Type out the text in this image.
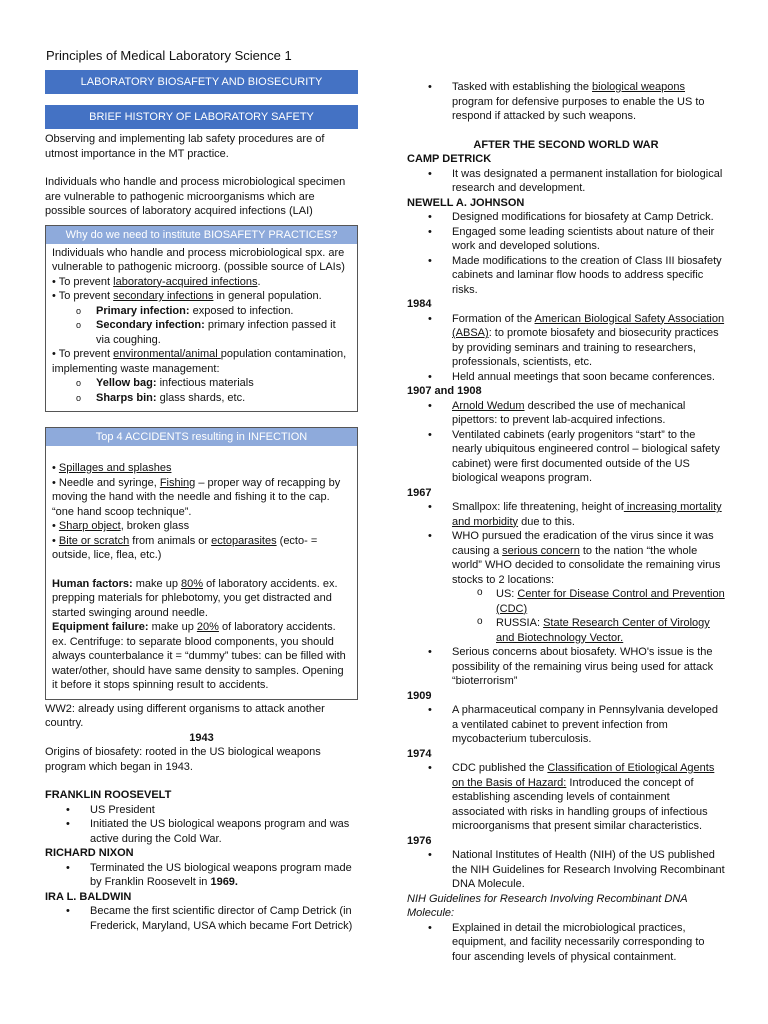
Principles of Medical Laboratory Science 1
LABORATORY BIOSAFETY AND BIOSECURITY
BRIEF HISTORY OF LABORATORY SAFETY

Observing and implementing lab safety procedures are of utmost importance in the MT practice.

Individuals who handle and process microbiological specimen are vulnerable to pathogenic microorganisms which are possible sources of laboratory acquired infections (LAI)

Why do we need to institute BIOSAFETY PRACTICES?

Individuals who handle and process microbiological spx. are vulnerable to pathogenic microorg. (possible source of LAIs)

• To prevent laboratory-acquired infections.

• To prevent secondary infections in general population.

o	Primary infection: exposed to infection.
o	Secondary infection: primary infection passed it via coughing.

• To prevent environmental/animal population contamination, implementing waste management:

o	Yellow bag: infectious materials
o	Sharps bin: glass shards, etc.
Top 4 ACCIDENTS resulting in INFECTION

• Spillages and splashes

• Needle and syringe, Fishing – proper way of recapping by moving the hand with the needle and fishing it to the cap. “one hand scoop technique”.

• Sharp object, broken glass

• Bite or scratch from animals or ectoparasites (ecto- = outside, lice, flea, etc.)

Human factors: make up 80% of laboratory accidents. ex. prepping materials for phlebotomy, you get distracted and started swinging around needle.

Equipment failure: make up 20% of laboratory accidents. ex. Centrifuge: to separate blood components, you should always counterbalance it = “dummy” tubes: can be filled with water/other, should have same density to samples. Opening it before it stops spinning result to accidents.

WW2: already using different organisms to attack another country.

1943

Origins of biosafety: rooted in the US biological weapons program which began in 1943.

FRANKLIN ROOSEVELT

• US President
• Initiated the US biological weapons program and was active during the Cold War.

RICHARD NIXON

• Terminated the US biological weapons program made by Franklin Roosevelt in 1969.

IRA L. BALDWIN

• Became the first scientific director of Camp Detrick (in Frederick, Maryland, USA which became Fort Detrick)
• Tasked with establishing the biological weapons program for defensive purposes to enable the US to respond if attacked by such weapons.

AFTER THE SECOND WORLD WAR

CAMP DETRICK

• It was designated a permanent installation for biological research and development.

NEWELL A. JOHNSON

• Designed modifications for biosafety at Camp Detrick.
• Engaged some leading scientists about nature of their work and developed solutions.
• Made modifications to the creation of Class III biosafety cabinets and laminar flow hoods to address specific risks.

1984

• Formation of the American Biological Safety Association (ABSA): to promote biosafety and biosecurity practices by providing seminars and training to researchers, professionals, scientists, etc.
• Held annual meetings that soon became conferences.

1907 and 1908

• Arnold Wedum described the use of mechanical pipettors: to prevent lab-acquired infections.
• Ventilated cabinets (early progenitors “start” to the nearly ubiquitous engineered control – biological safety cabinet) were first documented outside of the US biological weapons program.

1967

• Smallpox: life threatening, height of increasing mortality and morbidity due to this.
• WHO pursued the eradication of the virus since it was causing a serious concern to the nation “the whole world” WHO decided to consolidate the remaining virus stocks to 2 locations:
o US: Center for Disease Control and Prevention (CDC)
o RUSSIA: State Research Center of Virology and Biotechnology Vector.
• Serious concerns about biosafety. WHO's issue is the possibility of the remaining virus being used for attack “bioterrorism”

1909

• A pharmaceutical company in Pennsylvania developed a ventilated cabinet to prevent infection from mycobacterium tuberculosis.

1974

• CDC published the Classification of Etiological Agents on the Basis of Hazard: Introduced the concept of establishing ascending levels of containment associated with risks in handling groups of infectious microorganisms that present similar characteristics.

1976

• National Institutes of Health (NIH) of the US published the NIH Guidelines for Research Involving Recombinant DNA Molecule.

NIH Guidelines for Research Involving Recombinant DNA Molecule:

• Explained in detail the microbiological practices, equipment, and facility necessarily corresponding to four ascending levels of physical containment.
